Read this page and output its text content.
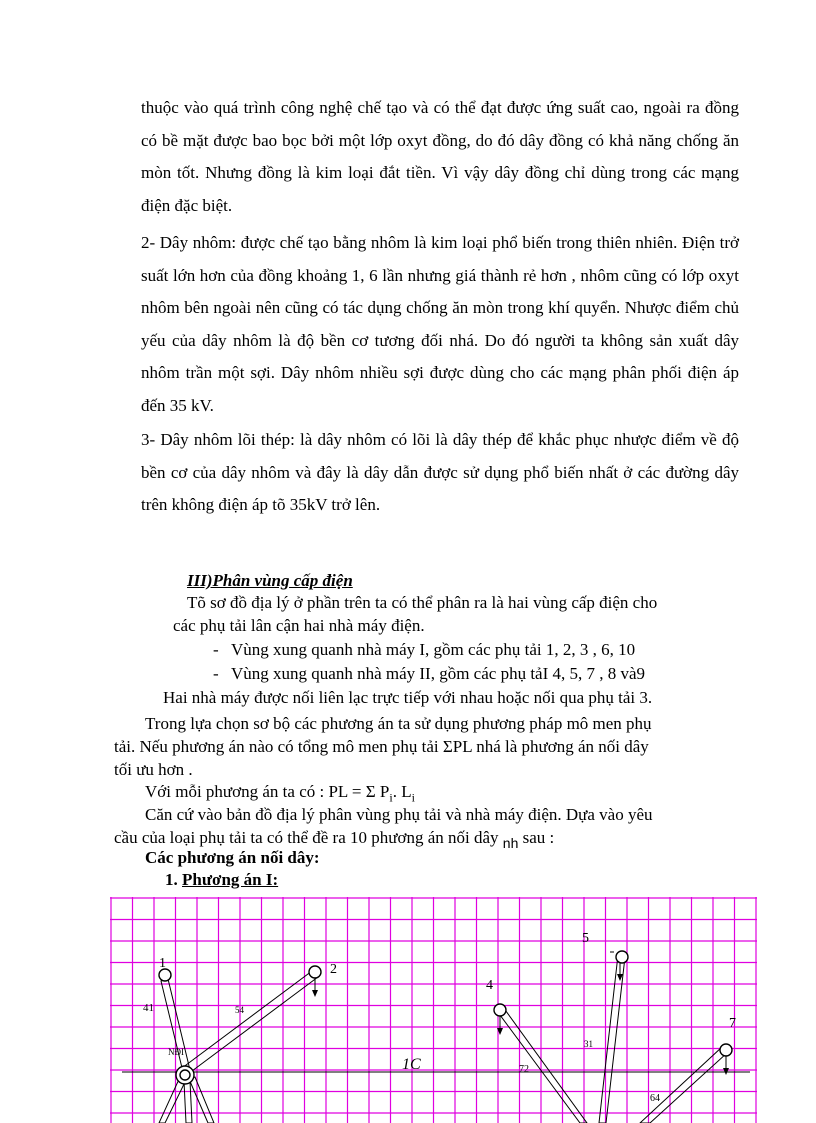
thuộc vào quá trình công nghệ chế tạo và có thể đạt được ứng suất cao, ngoài ra đồng có bề mặt được bao bọc bởi một lớp oxyt đồng, do đó dây đồng có khả năng chống ăn mòn tốt. Nhưng đồng là kim loại đắt tiền. Vì vậy dây đồng chỉ dùng trong các mạng điện đặc biệt.
2- Dây nhôm: được chế tạo bằng nhôm là kim loại phổ biến trong thiên nhiên. Điện trở suất lớn hơn của đồng khoảng 1, 6 lần nhưng giá thành rẻ hơn , nhôm cũng có lớp oxyt nhôm bên ngoài nên cũng có tác dụng chống ăn mòn trong khí quyển. Nhược điểm chủ yếu của dây nhôm là độ bền cơ tương đối nhá. Do đó người ta không sản xuất dây nhôm trần một sợi. Dây nhôm nhiều sợi được dùng cho các mạng phân phối điện áp đến 35 kV.
3- Dây nhôm lõi thép: là dây nhôm có lõi là dây thép để khắc phục nhược điểm về độ bền cơ của dây nhôm và đây là dây dẫn được sử dụng phổ biến nhất ở các đường dây trên không điện áp tõ 35kV trở lên.
III)Phân vùng cấp điện
Tõ sơ đồ địa lý ở phần trên ta có thể phân ra là hai vùng cấp điện cho
các phụ tải lân cận hai nhà máy điện.
- Vùng xung quanh nhà máy I, gồm các phụ tải 1, 2, 3 , 6, 10
- Vùng xung quanh nhà máy II, gồm các phụ tảI 4, 5, 7 , 8 và9
Hai nhà máy được nối liên lạc trực tiếp với nhau hoặc nối qua phụ tải 3.
Trong lựa chọn sơ bộ các phương án ta sử dụng phương pháp mô men phụ
tải. Nếu phương án nào có tổng mô men phụ tải ΣPL nhá là phương án nối dây
tối ưu hơn .
Với mỗi phương án ta có : PL = Σ $P_i$. $L_i$
Căn cứ vào bản đồ địa lý phân vùng phụ tải và nhà máy điện. Dựa vào yêu
cầu của loại phụ tải ta có thể đề ra 10 phương án nối dây $_{nh}$ sau :
Các phương án nối dây:
1. Phương án I:
1	2
4
5
7
NĐI
41	54
72
31
64
1C
